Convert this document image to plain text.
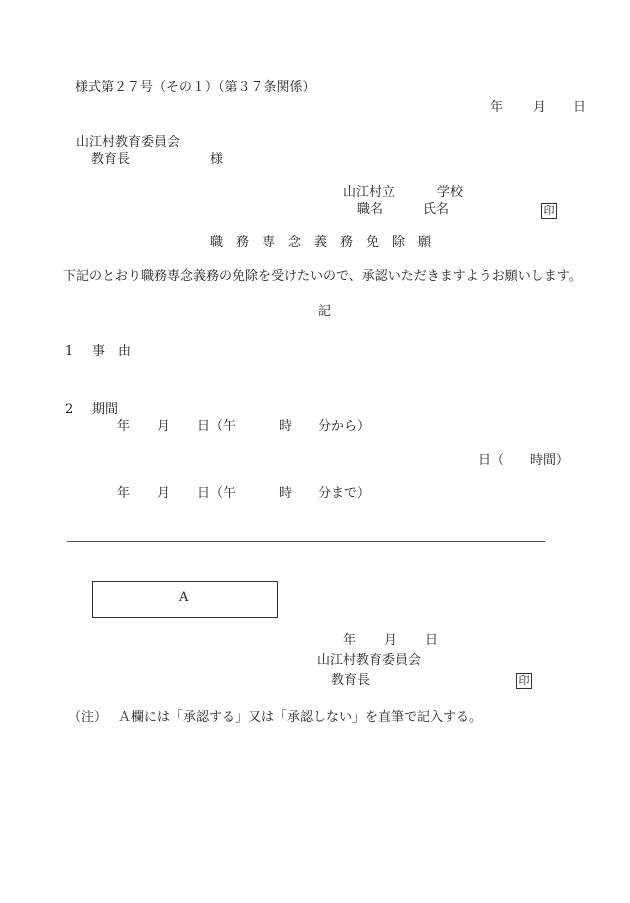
様式第２７号（その１）（第３７条関係）
年 月 日
山江村教育委員会
教育長	様
山江村立	学校
職名	氏名	印
職　務　専　念　義　務　免　除　願
下記のとおり職務専念義務の免除を受けたいので、承認いただきますようお願いします。
記
1 事　由
2 期間
年 月 日（午	時 分から）
日（ 時間）
年 月 日（午	時 分まで）
A
年 月 日
山江村教育委員会
教育長	印
（注） Ａ欄には「承認する」又は「承認しない」を直筆で記入する。
